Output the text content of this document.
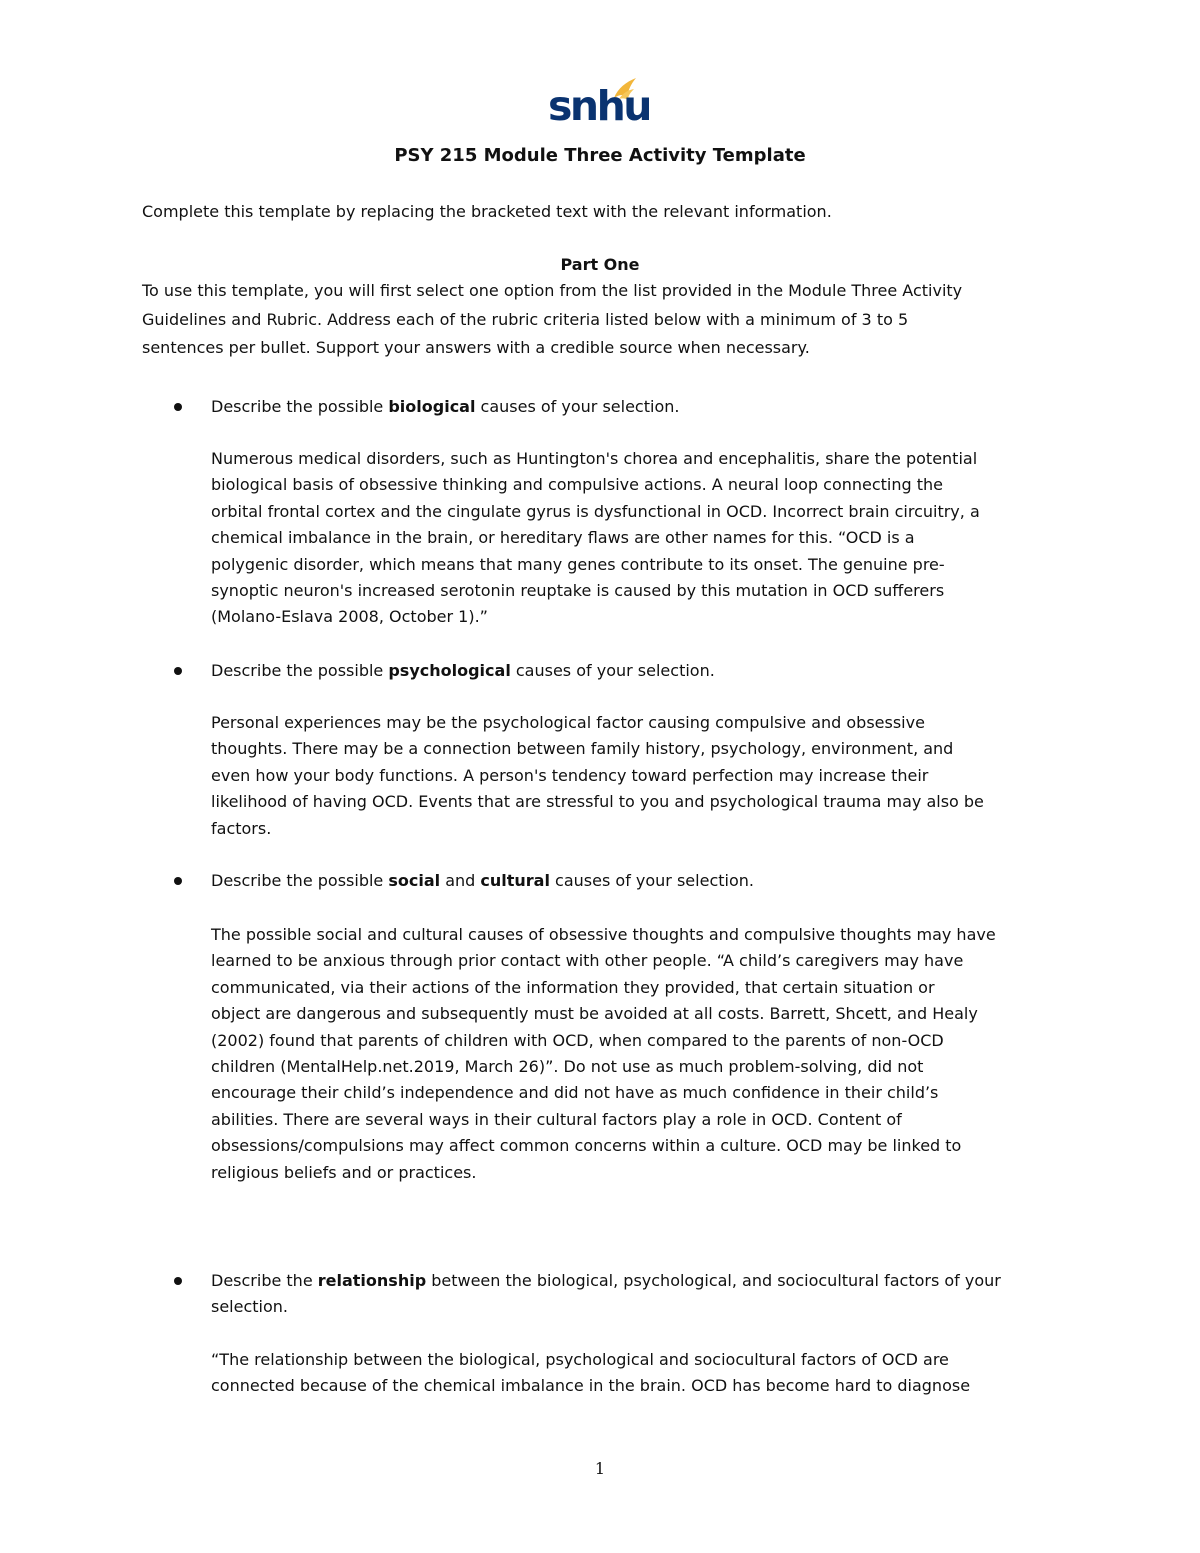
snhu
PSY 215 Module Three Activity Template

Complete this template by replacing the bracketed text with the relevant information.

Part One

To use this template, you will first select one option from the list provided in the Module Three Activity
Guidelines and Rubric. Address each of the rubric criteria listed below with a minimum of 3 to 5
sentences per bullet. Support your answers with a credible source when necessary.

Describe the possible biological causes of your selection.

Numerous medical disorders, such as Huntington's chorea and encephalitis, share the potential
biological basis of obsessive thinking and compulsive actions. A neural loop connecting the
orbital frontal cortex and the cingulate gyrus is dysfunctional in OCD. Incorrect brain circuitry, a
chemical imbalance in the brain, or hereditary flaws are other names for this. “OCD is a
polygenic disorder, which means that many genes contribute to its onset. The genuine pre-
synoptic neuron's increased serotonin reuptake is caused by this mutation in OCD sufferers
(Molano-Eslava 2008, October 1).”

Describe the possible psychological causes of your selection.

Personal experiences may be the psychological factor causing compulsive and obsessive
thoughts. There may be a connection between family history, psychology, environment, and
even how your body functions. A person's tendency toward perfection may increase their
likelihood of having OCD. Events that are stressful to you and psychological trauma may also be
factors.

Describe the possible social and cultural causes of your selection.

The possible social and cultural causes of obsessive thoughts and compulsive thoughts may have
learned to be anxious through prior contact with other people. “A child’s caregivers may have
communicated, via their actions of the information they provided, that certain situation or
object are dangerous and subsequently must be avoided at all costs. Barrett, Shcett, and Healy
(2002) found that parents of children with OCD, when compared to the parents of non-OCD
children (MentalHelp.net.2019, March 26)”. Do not use as much problem-solving, did not
encourage their child’s independence and did not have as much confidence in their child’s
abilities. There are several ways in their cultural factors play a role in OCD. Content of
obsessions/compulsions may affect common concerns within a culture. OCD may be linked to
religious beliefs and or practices.

Describe the relationship between the biological, psychological, and sociocultural factors of your
selection.

“The relationship between the biological, psychological and sociocultural factors of OCD are
connected because of the chemical imbalance in the brain. OCD has become hard to diagnose

1
